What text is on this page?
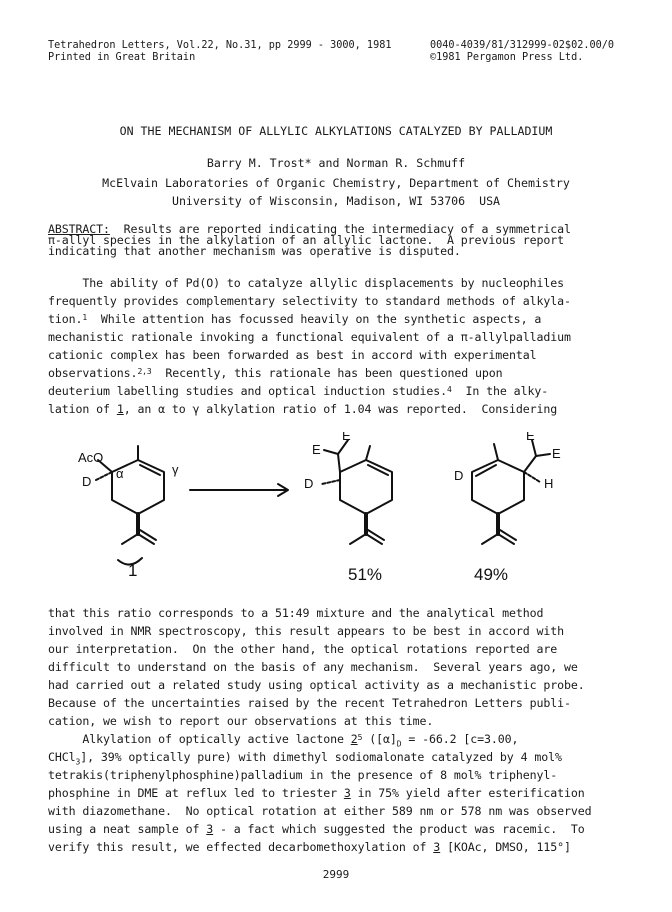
Tetrahedron Letters, Vol.22, No.31, pp 2999 - 3000, 1981
Printed in Great Britain
0040-4039/81/312999-02$02.00/0
©1981 Pergamon Press Ltd.
ON THE MECHANISM OF ALLYLIC ALKYLATIONS CATALYZED BY PALLADIUM
Barry M. Trost* and Norman R. Schmuff
McElvain Laboratories of Organic Chemistry, Department of Chemistry
University of Wisconsin, Madison, WI 53706  USA
ABSTRACT:  Results are reported indicating the intermediacy of a symmetrical
π-allyl species in the alkylation of an allylic lactone.  A previous report
indicating that another mechanism was operative is disputed.
The ability of Pd(O) to catalyze allylic displacements by nucleophiles
frequently provides complementary selectivity to standard methods of alkyla-
tion.$^1$  While attention has focussed heavily on the synthetic aspects, a
mechanistic rationale invoking a functional equivalent of a π-allylpalladium
cationic complex has been forwarded as best in accord with experimental
observations.$^{2,3}$  Recently, this rationale has been questioned upon
deuterium labelling studies and optical induction studies.$^4$  In the alky-
lation of 1, an α to γ alkylation ratio of 1.04 was reported.  Considering
AcO
D
α	γ
E
E
D
D
E
E
H
1	51%	49%
that this ratio corresponds to a 51:49 mixture and the analytical method
involved in NMR spectroscopy, this result appears to be best in accord with
our interpretation.  On the other hand, the optical rotations reported are
difficult to understand on the basis of any mechanism.  Several years ago, we
had carried out a related study using optical activity as a mechanistic probe.
Because of the uncertainties raised by the recent Tetrahedron Letters publi-
cation, we wish to report our observations at this time.
Alkylation of optically active lactone $2^5$ ($[\alpha]_D = -66.2$ [c=3.00,
CHCl$_3$], 39% optically pure) with dimethyl sodiomalonate catalyzed by 4 mol%
tetrakis(triphenylphosphine)palladium in the presence of 8 mol% triphenyl-
phosphine in DME at reflux led to triester 3 in 75% yield after esterification
with diazomethane.  No optical rotation at either 589 nm or 578 nm was observed
using a neat sample of 3 - a fact which suggested the product was racemic.  To
verify this result, we effected decarbomethoxylation of 3 [KOAc, DMSO, 115°]
2999
